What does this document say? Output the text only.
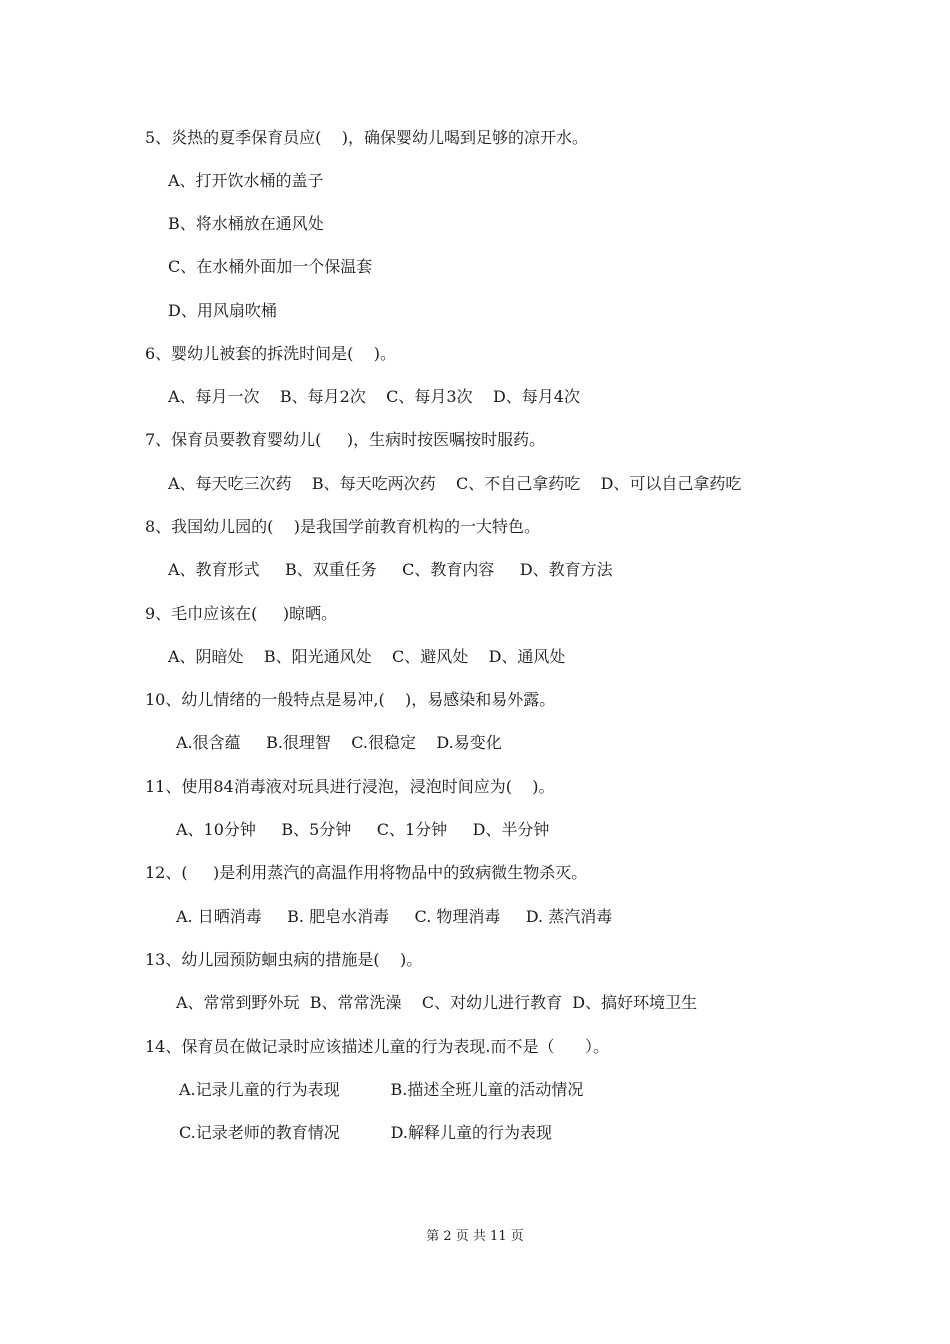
5、炎热的夏季保育员应(    )，确保婴幼儿喝到足够的凉开水。
A、打开饮水桶的盖子
B、将水桶放在通风处
C、在水桶外面加一个保温套
D、用风扇吹桶
6、婴幼儿被套的拆洗时间是(    )。
A、每月一次    B、每月2次    C、每月3次    D、每月4次
7、保育员要教育婴幼儿(     )，生病时按医嘱按时服药。
A、每天吃三次药    B、每天吃两次药    C、不自己拿药吃    D、可以自己拿药吃
8、我国幼儿园的(    )是我国学前教育机构的一大特色。
A、教育形式     B、双重任务     C、教育内容     D、教育方法
9、毛巾应该在(     )晾晒。
A、阴暗处    B、阳光通风处    C、避风处    D、通风处
10、幼儿情绪的一般特点是易冲,(    )，易感染和易外露。
A.很含蕴     B.很理智    C.很稳定    D.易变化
11、使用84消毒液对玩具进行浸泡，浸泡时间应为(    )。
A、10分钟     B、5分钟     C、1分钟     D、半分钟
12、(     )是利用蒸汽的高温作用将物品中的致病微生物杀灭。
A. 日晒消毒     B. 肥皂水消毒     C. 物理消毒     D. 蒸汽消毒
13、幼儿园预防蛔虫病的措施是(    )。
A、常常到野外玩  B、常常洗澡    C、对幼儿进行教育  D、搞好环境卫生
14、保育员在做记录时应该描述儿童的行为表现.而不是（      ）。
A.记录儿童的行为表现          B.描述全班儿童的活动情况
C.记录老师的教育情况          D.解释儿童的行为表现
第 2 页 共 11 页
